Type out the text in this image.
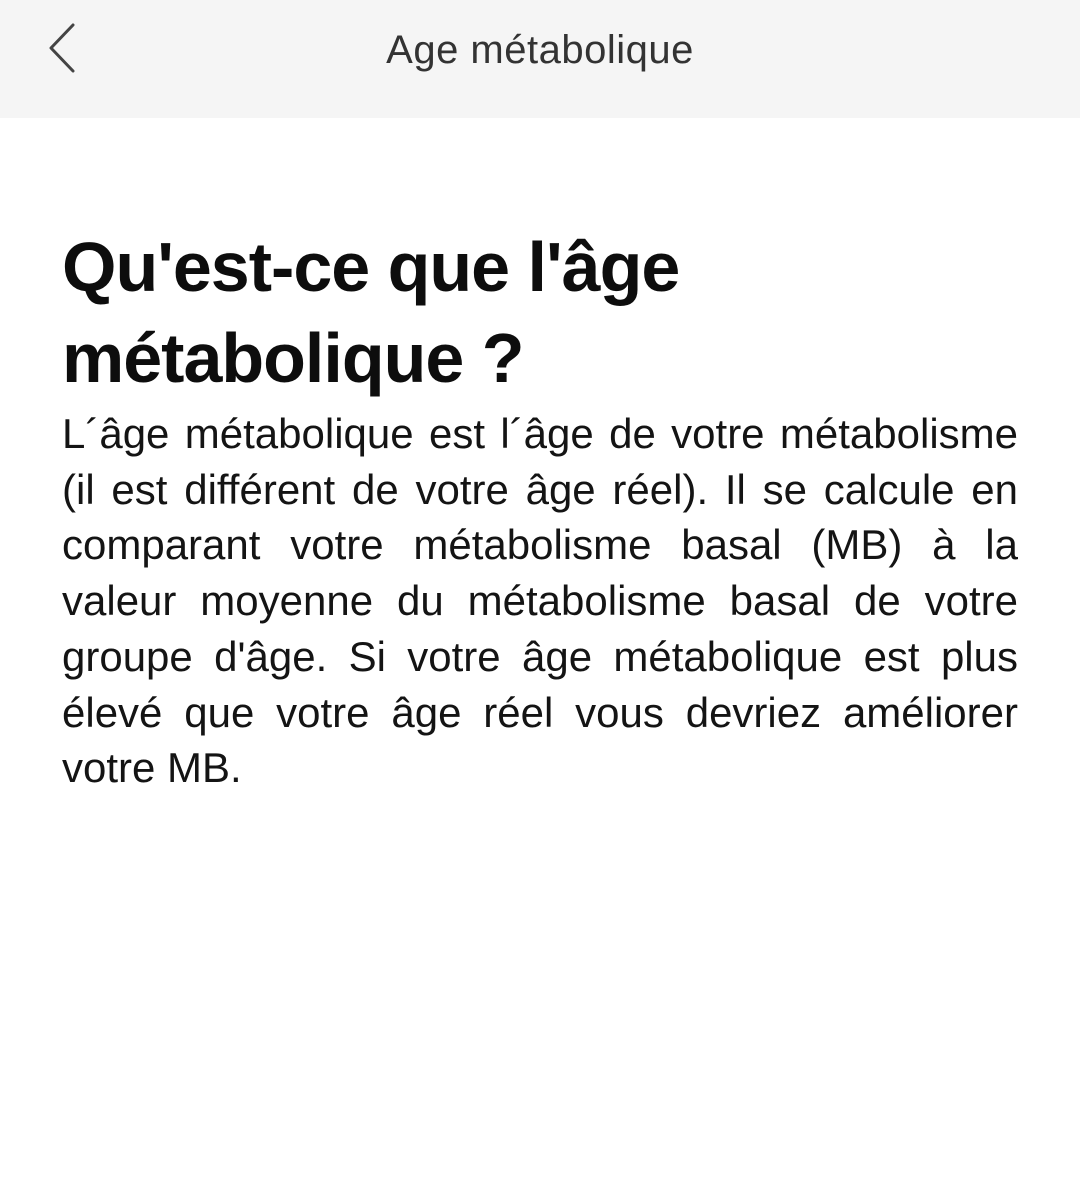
Age métabolique
Qu'est-ce que l'âge métabolique ?

L´âge métabolique est l´âge de votre métabolisme (il est différent de votre âge réel). Il se calcule en comparant votre métabolisme basal (MB) à la valeur moyenne du métabolisme basal de votre groupe d'âge. Si votre âge métabolique est plus élevé que votre âge réel vous devriez améliorer votre MB.
